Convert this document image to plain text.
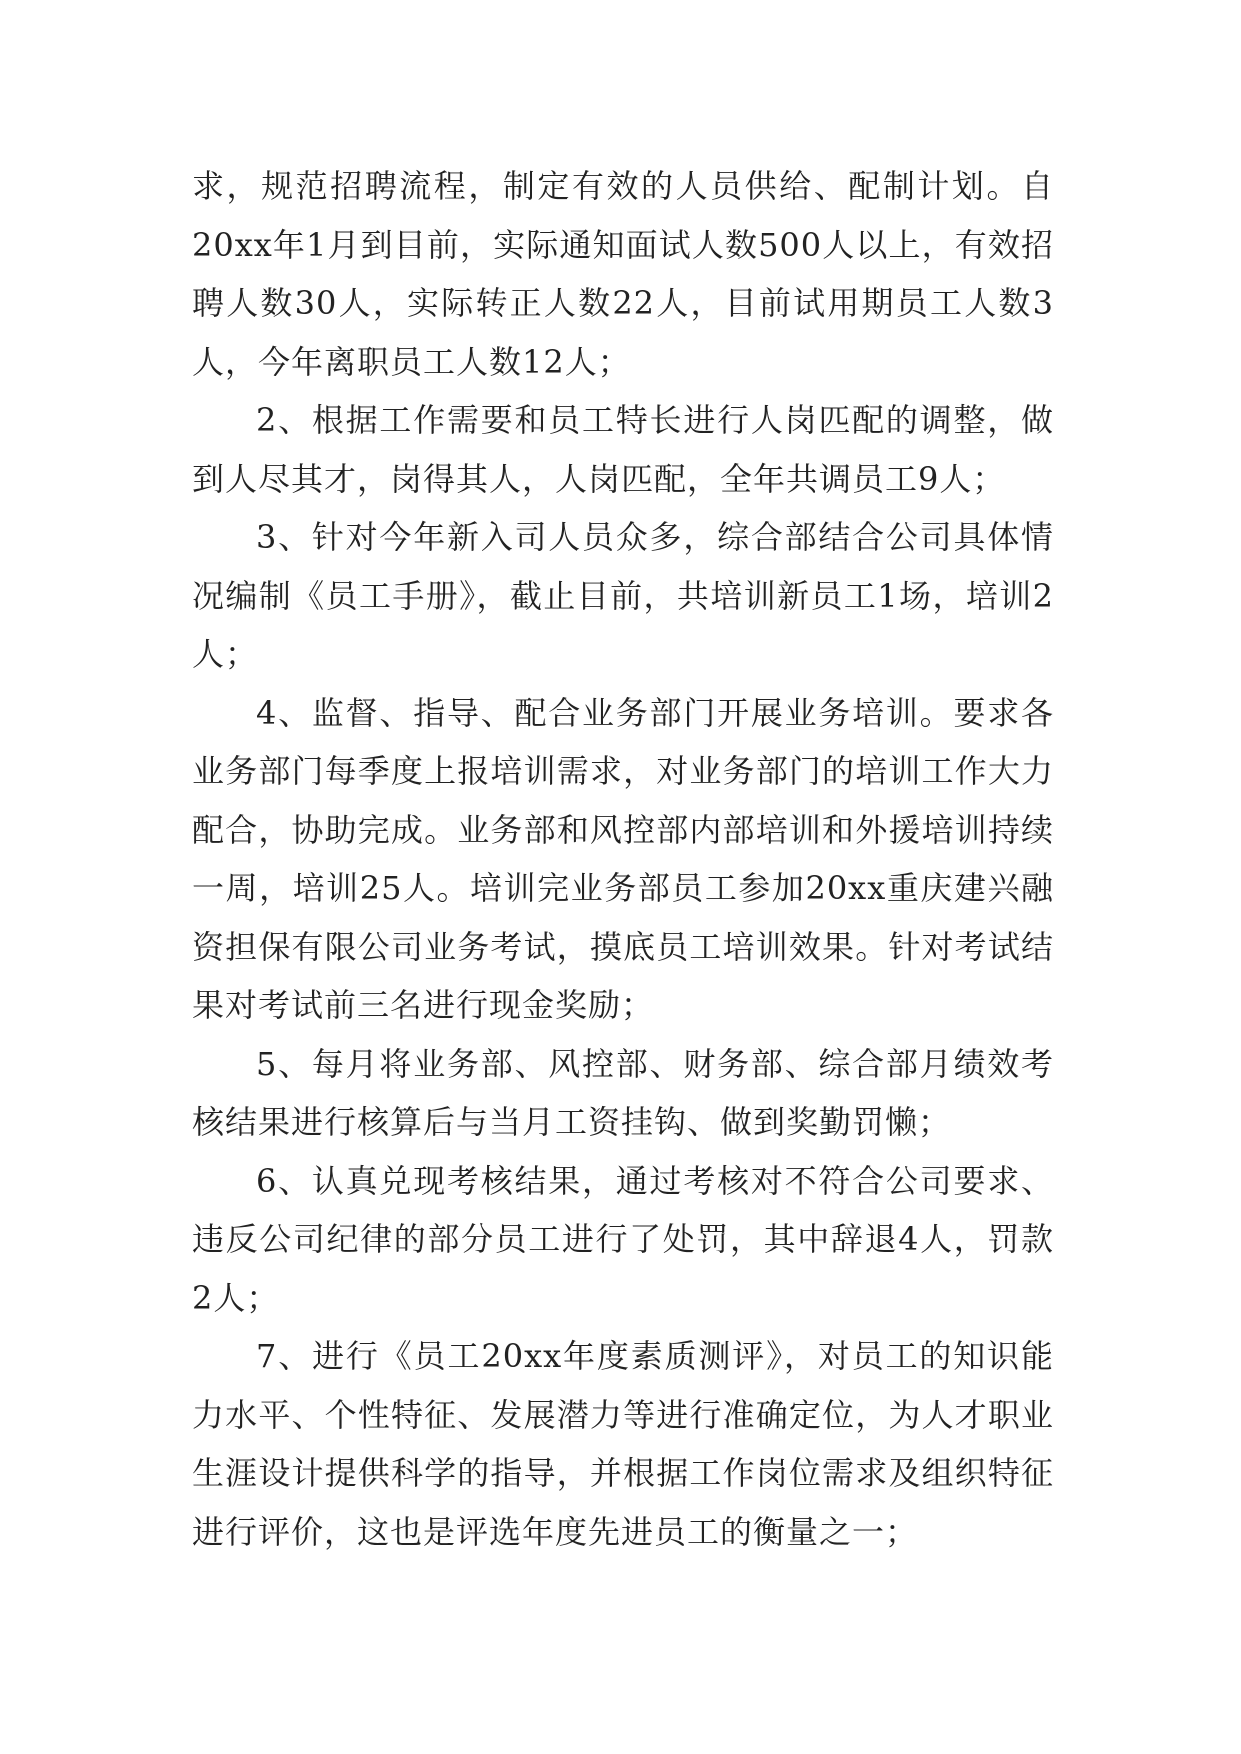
求，规范招聘流程，制定有效的人员供给、配制计划。自20xx年1月到目前，实际通知面试人数500人以上，有效招聘人数30人，实际转正人数22人，目前试用期员工人数3人，今年离职员工人数12人；

2、根据工作需要和员工特长进行人岗匹配的调整，做到人尽其才，岗得其人，人岗匹配，全年共调员工9人；

3、针对今年新入司人员众多，综合部结合公司具体情况编制《员工手册》，截止目前，共培训新员工1场，培训2人；

4、监督、指导、配合业务部门开展业务培训。要求各业务部门每季度上报培训需求，对业务部门的培训工作大力配合，协助完成。业务部和风控部内部培训和外援培训持续一周，培训25人。培训完业务部员工参加20xx重庆建兴融资担保有限公司业务考试，摸底员工培训效果。针对考试结果对考试前三名进行现金奖励；

5、每月将业务部、风控部、财务部、综合部月绩效考核结果进行核算后与当月工资挂钩、做到奖勤罚懒；

6、认真兑现考核结果，通过考核对不符合公司要求、违反公司纪律的部分员工进行了处罚，其中辞退4人，罚款2人；

7、进行《员工20xx年度素质测评》，对员工的知识能力水平、个性特征、发展潜力等进行准确定位，为人才职业生涯设计提供科学的指导，并根据工作岗位需求及组织特征进行评价，这也是评选年度先进员工的衡量之一；
